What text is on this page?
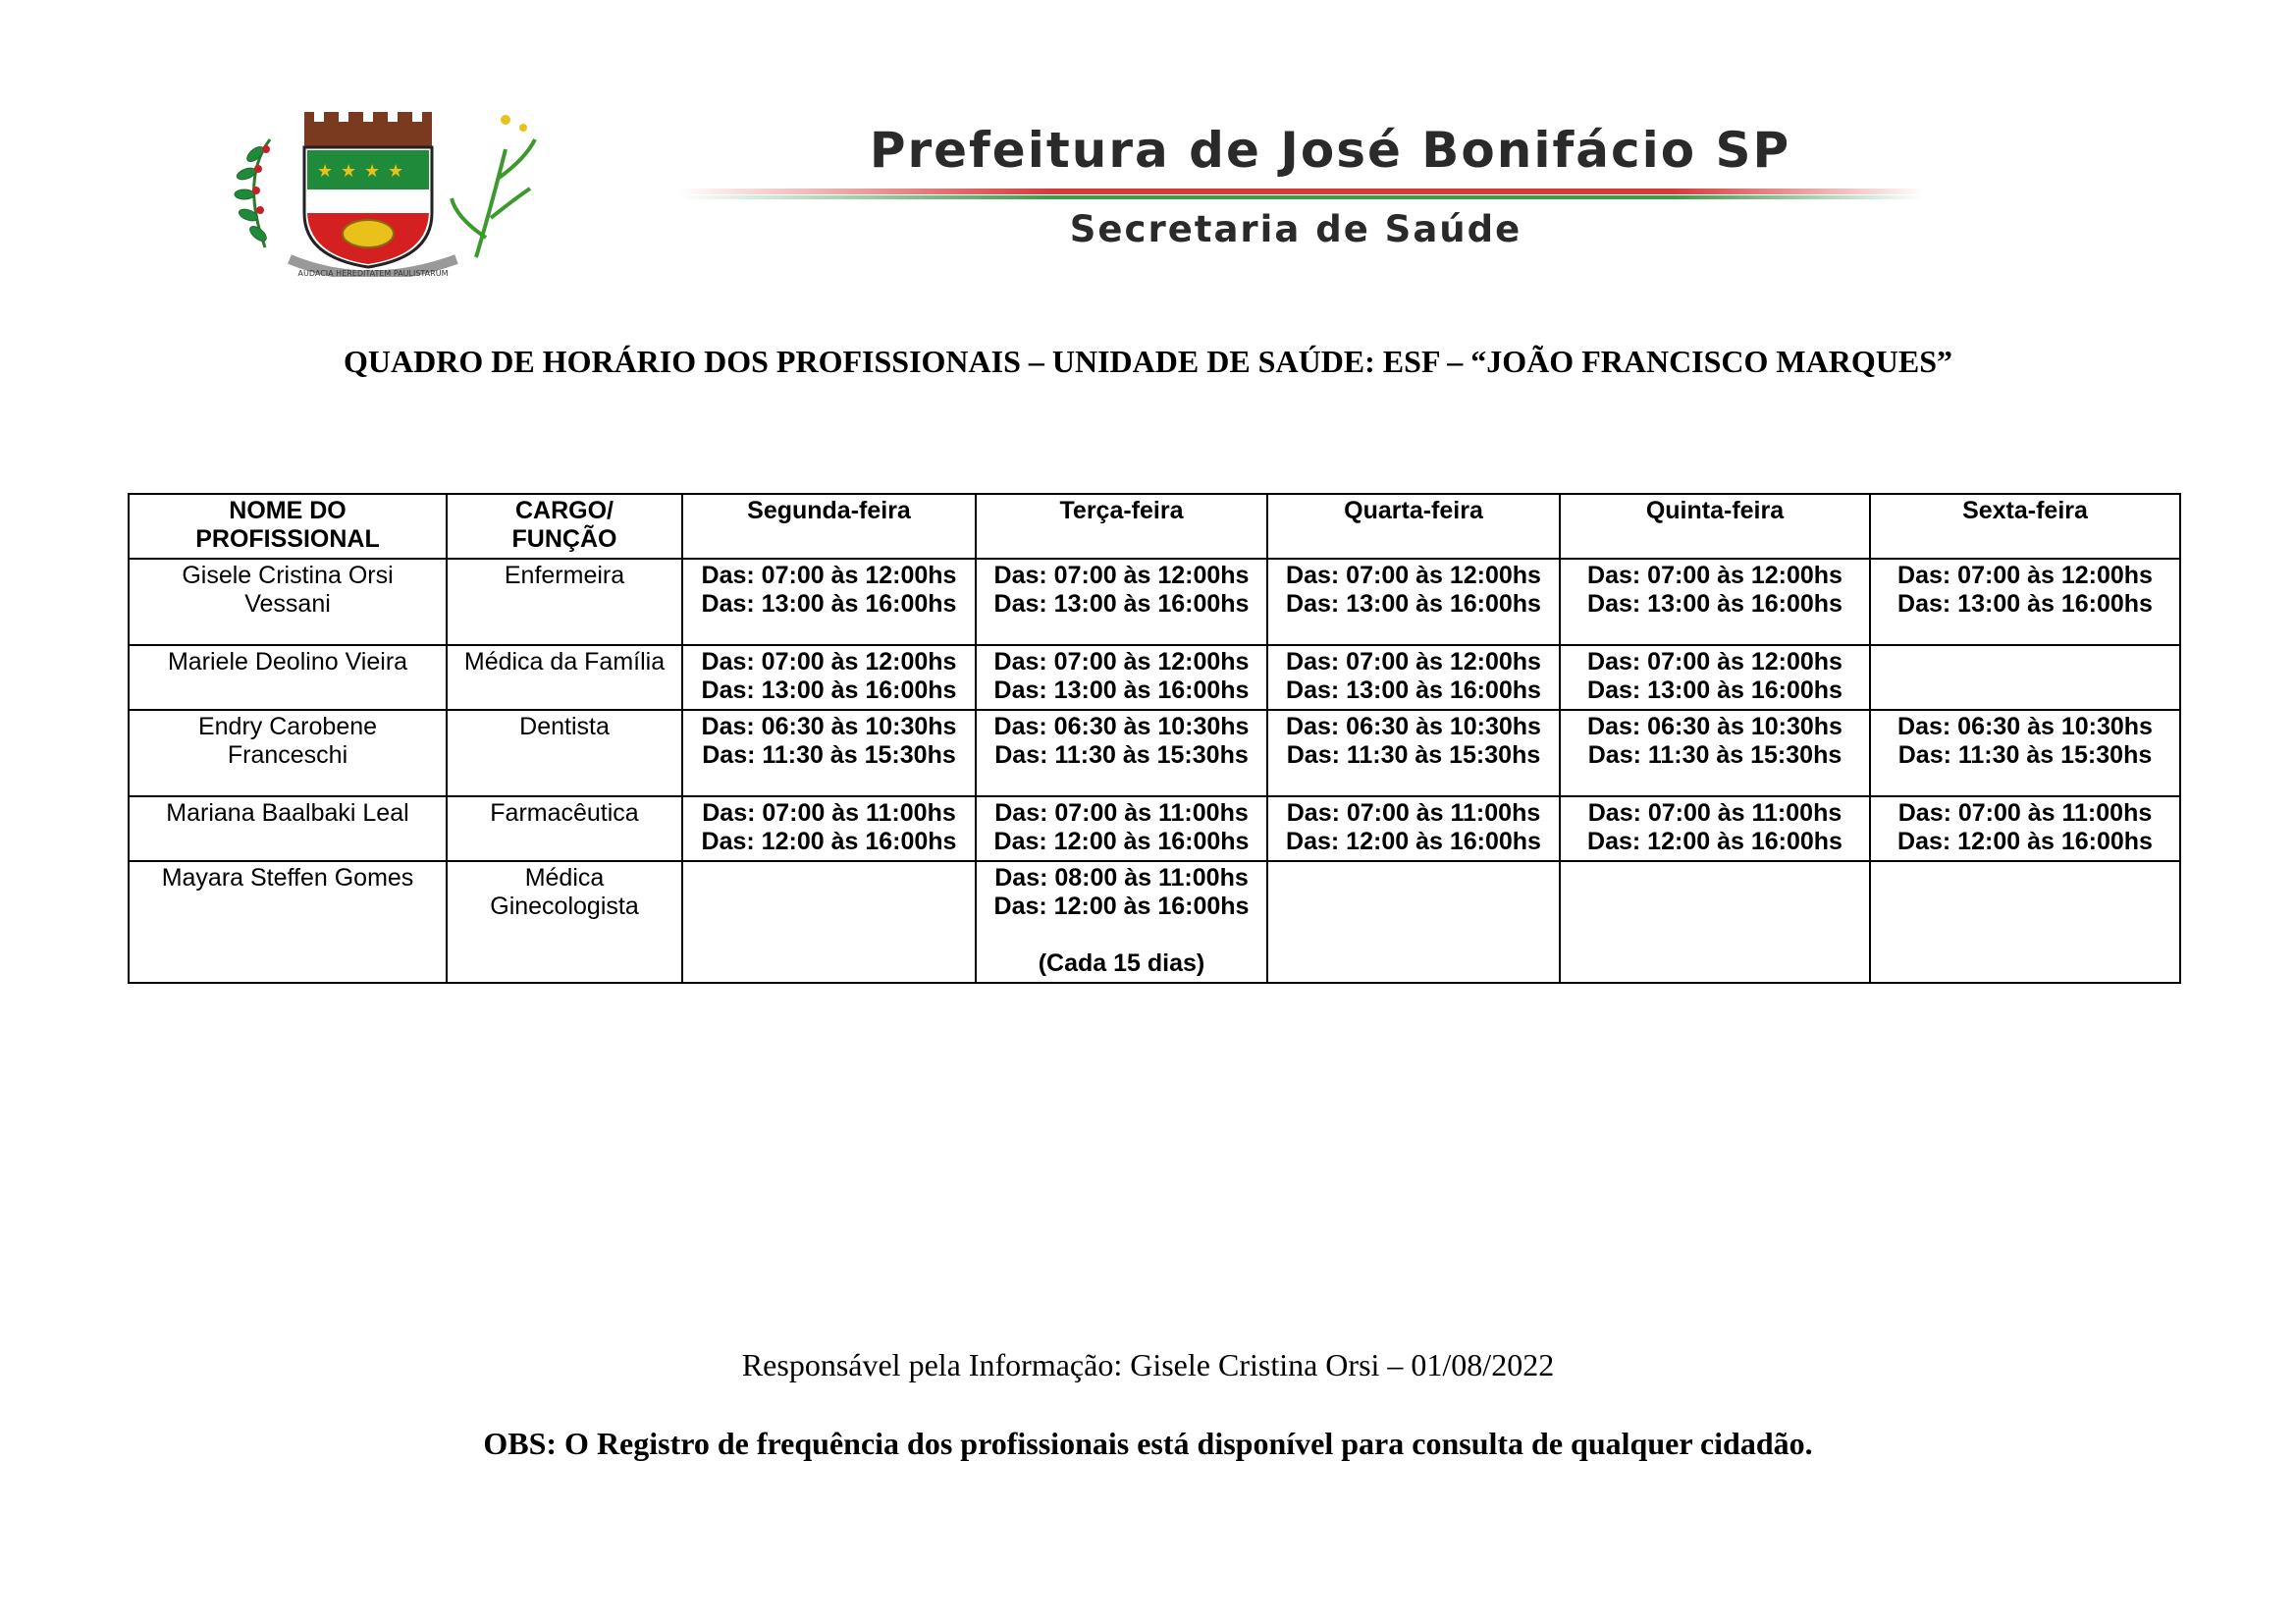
★ ★ ★ ★
AUDACIA HEREDITATEM PAULISTARUM
Prefeitura de José Bonifácio SP
Secretaria de Saúde
QUADRO DE HORÁRIO DOS PROFISSIONAIS – UNIDADE DE SAÚDE: ESF – “JOÃO FRANCISCO MARQUES”
NOME DO
PROFISSIONAL	CARGO/
FUNÇÃO	Segunda-feira	Terça-feira	Quarta-feira	Quinta-feira	Sexta-feira

Gisele Cristina Orsi
Vessani	Enfermeira	Das: 07:00 às 12:00hs
Das: 13:00 às 16:00hs	Das: 07:00 às 12:00hs
Das: 13:00 às 16:00hs	Das: 07:00 às 12:00hs
Das: 13:00 às 16:00hs	Das: 07:00 às 12:00hs
Das: 13:00 às 16:00hs	Das: 07:00 às 12:00hs
Das: 13:00 às 16:00hs

Mariele Deolino Vieira	Médica da Família	Das: 07:00 às 12:00hs
Das: 13:00 às 16:00hs	Das: 07:00 às 12:00hs
Das: 13:00 às 16:00hs	Das: 07:00 às 12:00hs
Das: 13:00 às 16:00hs	Das: 07:00 às 12:00hs
Das: 13:00 às 16:00hs	

Endry Carobene
Franceschi	Dentista	Das: 06:30 às 10:30hs
Das: 11:30 às 15:30hs	Das: 06:30 às 10:30hs
Das: 11:30 às 15:30hs	Das: 06:30 às 10:30hs
Das: 11:30 às 15:30hs	Das: 06:30 às 10:30hs
Das: 11:30 às 15:30hs	Das: 06:30 às 10:30hs
Das: 11:30 às 15:30hs

Mariana Baalbaki Leal	Farmacêutica	Das: 07:00 às 11:00hs
Das: 12:00 às 16:00hs	Das: 07:00 às 11:00hs
Das: 12:00 às 16:00hs	Das: 07:00 às 11:00hs
Das: 12:00 às 16:00hs	Das: 07:00 às 11:00hs
Das: 12:00 às 16:00hs	Das: 07:00 às 11:00hs
Das: 12:00 às 16:00hs

Mayara Steffen Gomes	Médica
Ginecologista		Das: 08:00 às 11:00hs
Das: 12:00 às 16:00hs
(Cada 15 dias)			

Responsável pela Informação: Gisele Cristina Orsi – 01/08/2022
OBS: O Registro de frequência dos profissionais está disponível para consulta de qualquer cidadão.
